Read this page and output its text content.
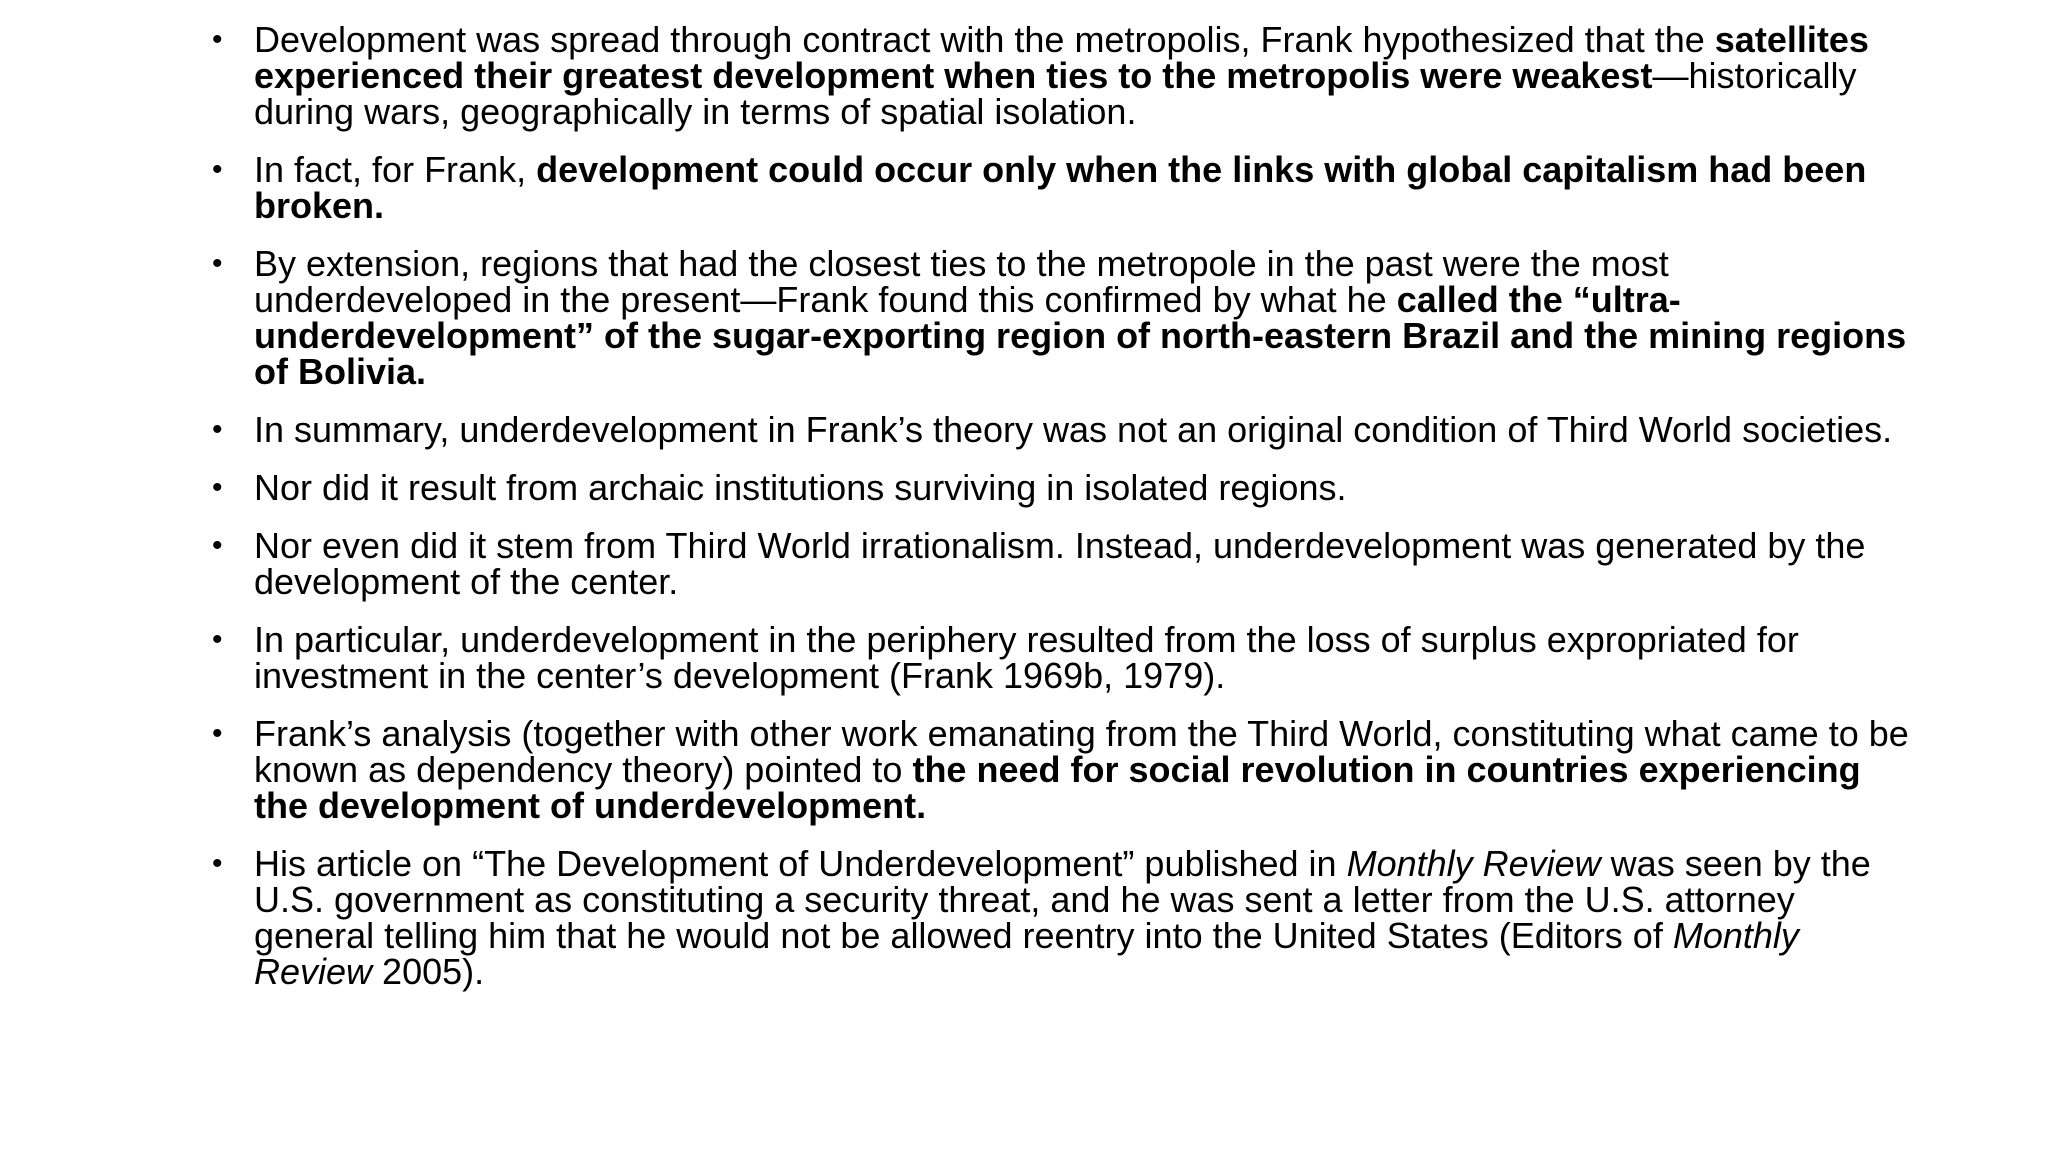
• Development was spread through contract with the metropolis, Frank hypothesized that the satellites experienced their greatest development when ties to the metropolis were weakest—historically during wars, geographically in terms of spatial isolation.
• In fact, for Frank, development could occur only when the links with global capitalism had been broken.
• By extension, regions that had the closest ties to the metropole in the past were the most underdeveloped in the present—Frank found this confirmed by what he called the “ultra-underdevelopment” of the sugar-exporting region of north-eastern Brazil and the mining regions of Bolivia.
• In summary, underdevelopment in Frank’s theory was not an original condition of Third World societies.
• Nor did it result from archaic institutions surviving in isolated regions.
• Nor even did it stem from Third World irrationalism. Instead, underdevelopment was generated by the development of the center.
• In particular, underdevelopment in the periphery resulted from the loss of surplus expropriated for investment in the center’s development (Frank 1969b, 1979).
• Frank’s analysis (together with other work emanating from the Third World, constituting what came to be known as dependency theory) pointed to the need for social revolution in countries experiencing the development of underdevelopment.
• His article on “The Development of Underdevelopment” published in Monthly Review was seen by the U.S. government as constituting a security threat, and he was sent a letter from the U.S. attorney general telling him that he would not be allowed reentry into the United States (Editors of Monthly Review 2005).
